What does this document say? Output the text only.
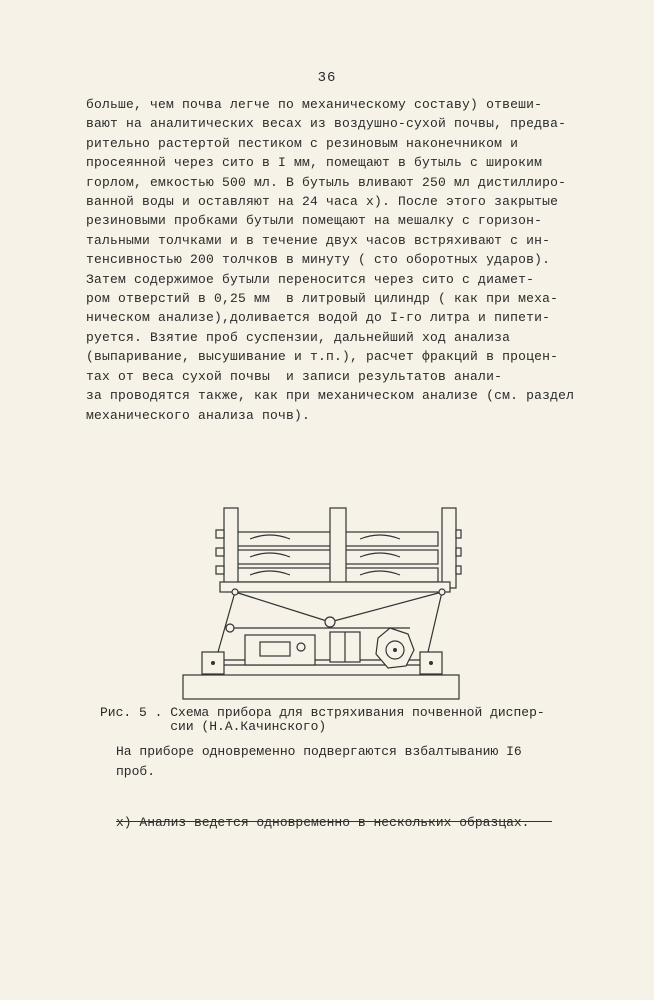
36
больше, чем почва легче по механическому составу) отвеши-
вают на аналитических весах из воздушно-сухой почвы, предва-
рительно растертой пестиком с резиновым наконечником и
просеянной через сито в I мм, помещают в бутыль с широким
горлом, емкостью 500 мл. В бутыль вливают 250 мл дистиллиро-
ванной воды и оставляют на 24 часа x). После этого закрытые
резиновыми пробками бутыли помещают на мешалку с горизон-
тальными толчками и в течение двух часов встряхивают с ин-
тенсивностью 200 толчков в минуту ( сто оборотных ударов).
Затем содержимое бутыли переносится через сито с диамет-
ром отверстий в 0,25 мм  в литровый цилиндр ( как при меха-
ническом анализе),доливается водой до I-го литра и пипети-
руется. Взятие проб суспензии, дальнейший ход анализа
(выпаривание, высушивание и т.п.), расчет фракций в процен-
тах от веса сухой почвы  и записи результатов анали-
за проводятся также, как при механическом анализе (см. раздел
механического анализа почв).
Рис. 5 . Схема прибора для встряхивания почвенной диспер-
сии (Н.А.Качинского)
На приборе одновременно подвергаются взбалтыванию I6
проб.
x) Анализ ведется одновременно в нескольких образцах.
